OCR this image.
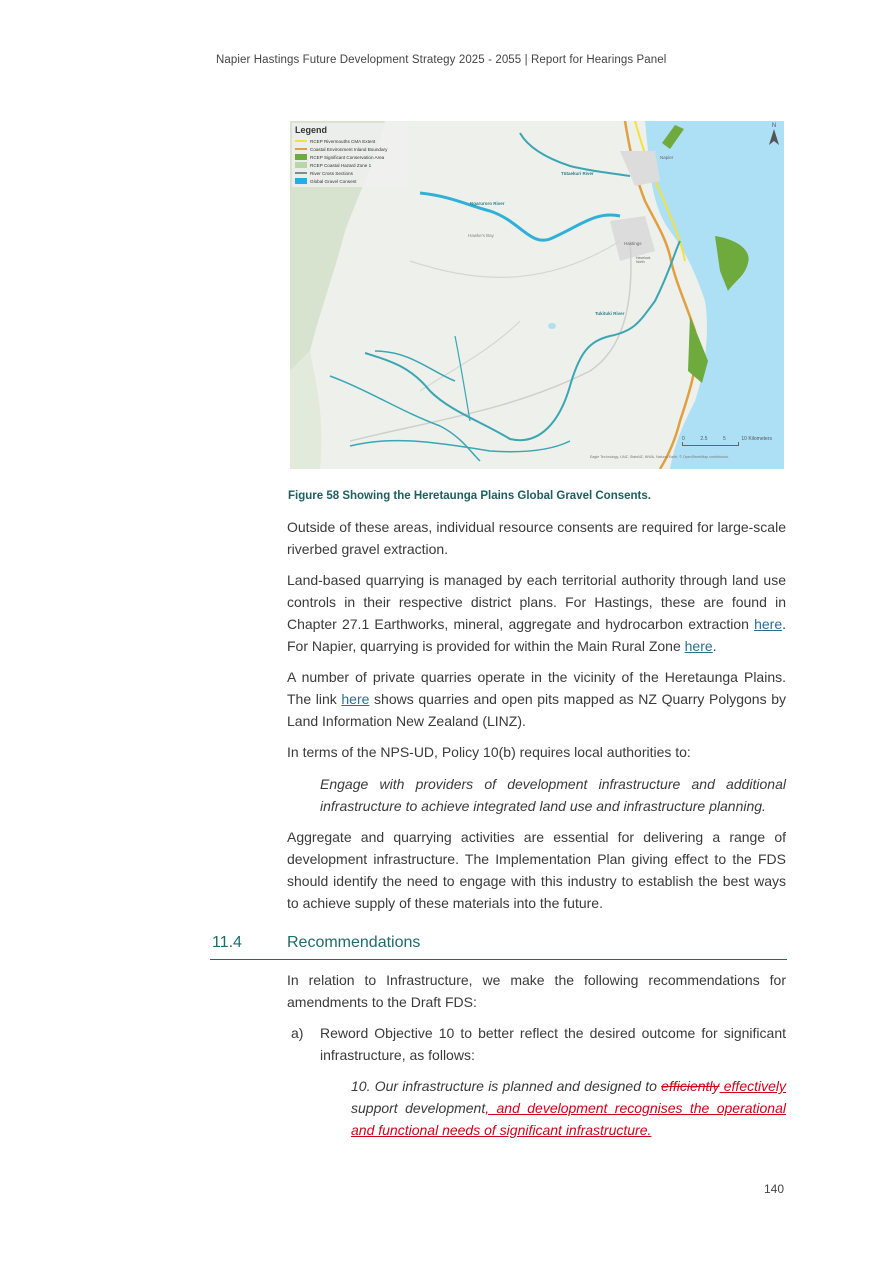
Napier Hastings Future Development Strategy 2025 - 2055 | Report for Hearings Panel
Legend
RCEP Rivermouths CMA Extent
Coastal Environment Inland Boundary
RCEP Significant Conservation Area
RCEP Coastal Hazard Zone 1
River Cross Sections
Global Gravel Consent
Tūtaekuri River
Ngaruroro River
Tukituki River
Hawke's Bay
Hastings
Havelock North
Napier
N
0	2.5	5	10 Kilometers
Eagle Technology, LINZ, StatsNZ, NIWA, Natural Earth, © OpenStreetMap contributors.
Figure 58 Showing the Heretaunga Plains Global Gravel Consents.

Outside of these areas, individual resource consents are required for large-scale riverbed gravel extraction.

Land-based quarrying is managed by each territorial authority through land use controls in their respective district plans. For Hastings, these are found in Chapter 27.1 Earthworks, mineral, aggregate and hydrocarbon extraction here. For Napier, quarrying is provided for within the Main Rural Zone here.

A number of private quarries operate in the vicinity of the Heretaunga Plains. The link here shows quarries and open pits mapped as NZ Quarry Polygons by Land Information New Zealand (LINZ).

In terms of the NPS-UD, Policy 10(b) requires local authorities to:

Engage with providers of development infrastructure and additional infrastructure to achieve integrated land use and infrastructure planning.

Aggregate and quarrying activities are essential for delivering a range of development infrastructure. The Implementation Plan giving effect to the FDS should identify the need to engage with this industry to establish the best ways to achieve supply of these materials into the future.

11.4	Recommendations

In relation to Infrastructure, we make the following recommendations for amendments to the Draft FDS:

a) Reword Objective 10 to better reflect the desired outcome for significant infrastructure, as follows:

10. Our infrastructure is planned and designed to efficiently effectively support development, and development recognises the operational and functional needs of significant infrastructure.

140
